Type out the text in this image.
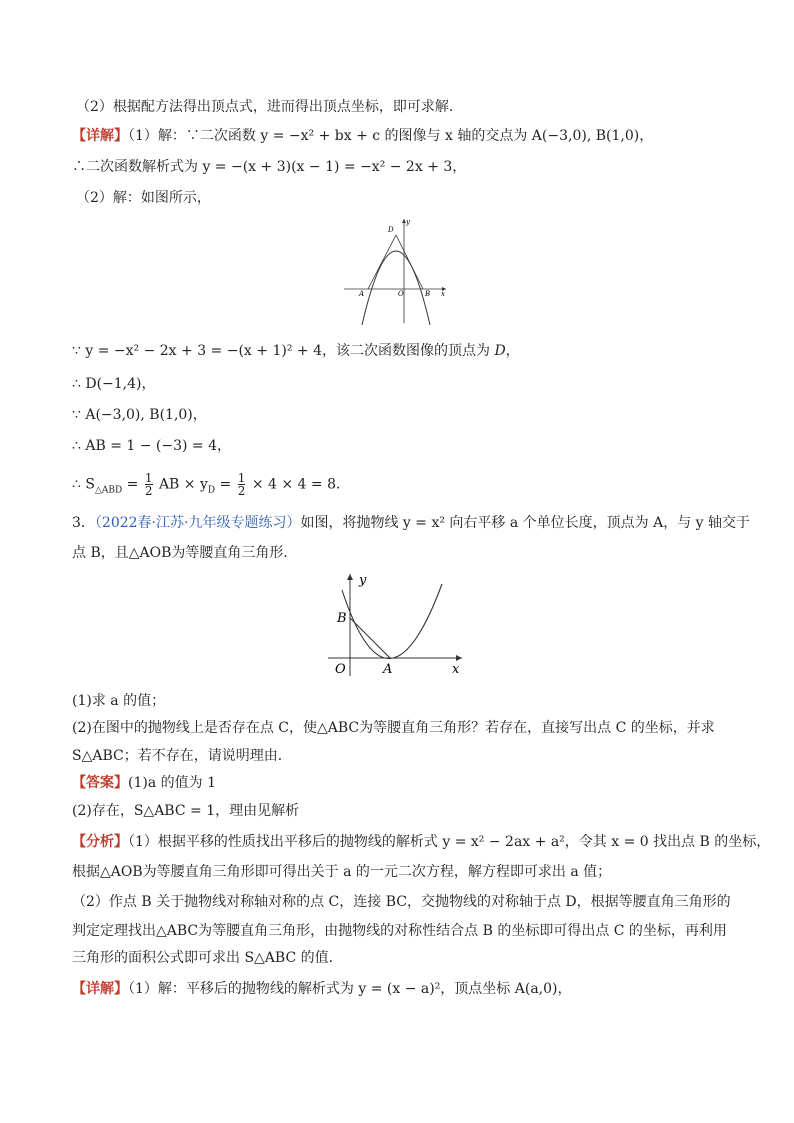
（2）根据配方法得出顶点式，进而得出顶点坐标，即可求解．
【详解】（1）解：∵二次函数 y = −x² + bx + c 的图像与 x 轴的交点为 A(−3,0), B(1,0)，
∴二次函数解析式为 y = −(x + 3)(x − 1) = −x² − 2x + 3，
（2）解：如图所示，
y
D
A	O	B x
∵ y = −x² − 2x + 3 = −(x + 1)² + 4，该二次函数图像的顶点为 D，
∴ D(−1,4)，
∵ A(−3,0), B(1,0)，
∴ AB = 1 − (−3) = 4，
∴ $S_{\triangle ABD} = \frac{1}{2}$ AB × $y_D = \frac{1}{2} \times 4 \times 4 = 8$．
3．（2022春·江苏·九年级专题练习）如图，将抛物线 y = x² 向右平移 a 个单位长度，顶点为 A，与 y 轴交于
点 B，且△AOB为等腰直角三角形．
y
B
O	A	x
(1)求 a 的值；
(2)在图中的抛物线上是否存在点 C，使△ABC为等腰直角三角形？若存在，直接写出点 C 的坐标，并求
S△ABC；若不存在，请说明理由．
【答案】(1)a 的值为 1
(2)存在，S△ABC = 1，理由见解析
【分析】（1）根据平移的性质找出平移后的抛物线的解析式 y = x² − 2ax + a²，令其 x = 0 找出点 B 的坐标，
根据△AOB为等腰直角三角形即可得出关于 a 的一元二次方程，解方程即可求出 a 值；
（2）作点 B 关于抛物线对称轴对称的点 C，连接 BC，交抛物线的对称轴于点 D，根据等腰直角三角形的
判定定理找出△ABC为等腰直角三角形，由抛物线的对称性结合点 B 的坐标即可得出点 C 的坐标，再利用
三角形的面积公式即可求出 S△ABC 的值．
【详解】（1）解：平移后的抛物线的解析式为 y = (x − a)²，顶点坐标 A(a,0)，
